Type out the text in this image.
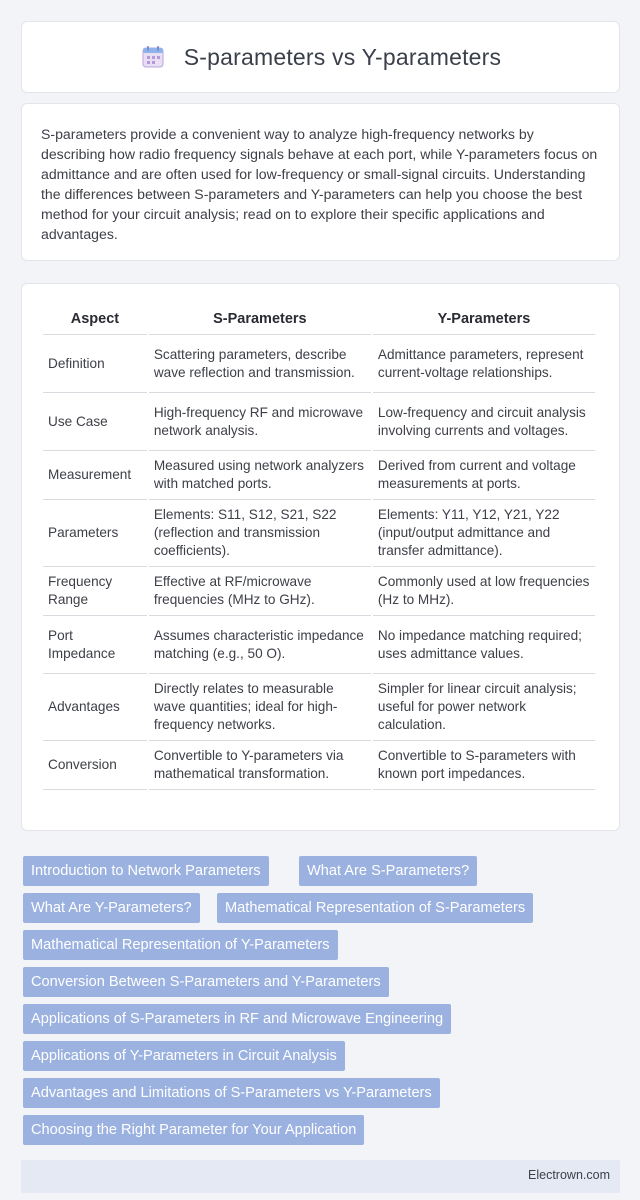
S-parameters vs Y-parameters

S-parameters provide a convenient way to analyze high-frequency networks by describing how radio frequency signals behave at each port, while Y-parameters focus on admittance and are often used for low-frequency or small-signal circuits. Understanding the differences between S-parameters and Y-parameters can help you choose the best method for your circuit analysis; read on to explore their specific applications and advantages.

Aspect	S-Parameters	Y-Parameters
Definition	Scattering parameters, describe wave reflection and transmission.	Admittance parameters, represent current-voltage relationships.
Use Case	High-frequency RF and microwave network analysis.	Low-frequency and circuit analysis involving currents and voltages.
Measurement	Measured using network analyzers with matched ports.	Derived from current and voltage measurements at ports.
Parameters	Elements: S11, S12, S21, S22 (reflection and transmission coefficients).	Elements: Y11, Y12, Y21, Y22 (input/output admittance and transfer admittance).
Frequency Range	Effective at RF/microwave frequencies (MHz to GHz).	Commonly used at low frequencies (Hz to MHz).
Port Impedance	Assumes characteristic impedance matching (e.g., 50 Ο).	No impedance matching required; uses admittance values.
Advantages	Directly relates to measurable wave quantities; ideal for high-frequency networks.	Simpler for linear circuit analysis; useful for power network calculation.
Conversion	Convertible to Y-parameters via mathematical transformation.	Convertible to S-parameters with known port impedances.
Introduction to Network Parameters	What Are S-Parameters?
What Are Y-Parameters?	Mathematical Representation of S-Parameters
Mathematical Representation of Y-Parameters
Conversion Between S-Parameters and Y-Parameters
Applications of S-Parameters in RF and Microwave Engineering
Applications of Y-Parameters in Circuit Analysis
Advantages and Limitations of S-Parameters vs Y-Parameters
Choosing the Right Parameter for Your Application
Electrown.com
